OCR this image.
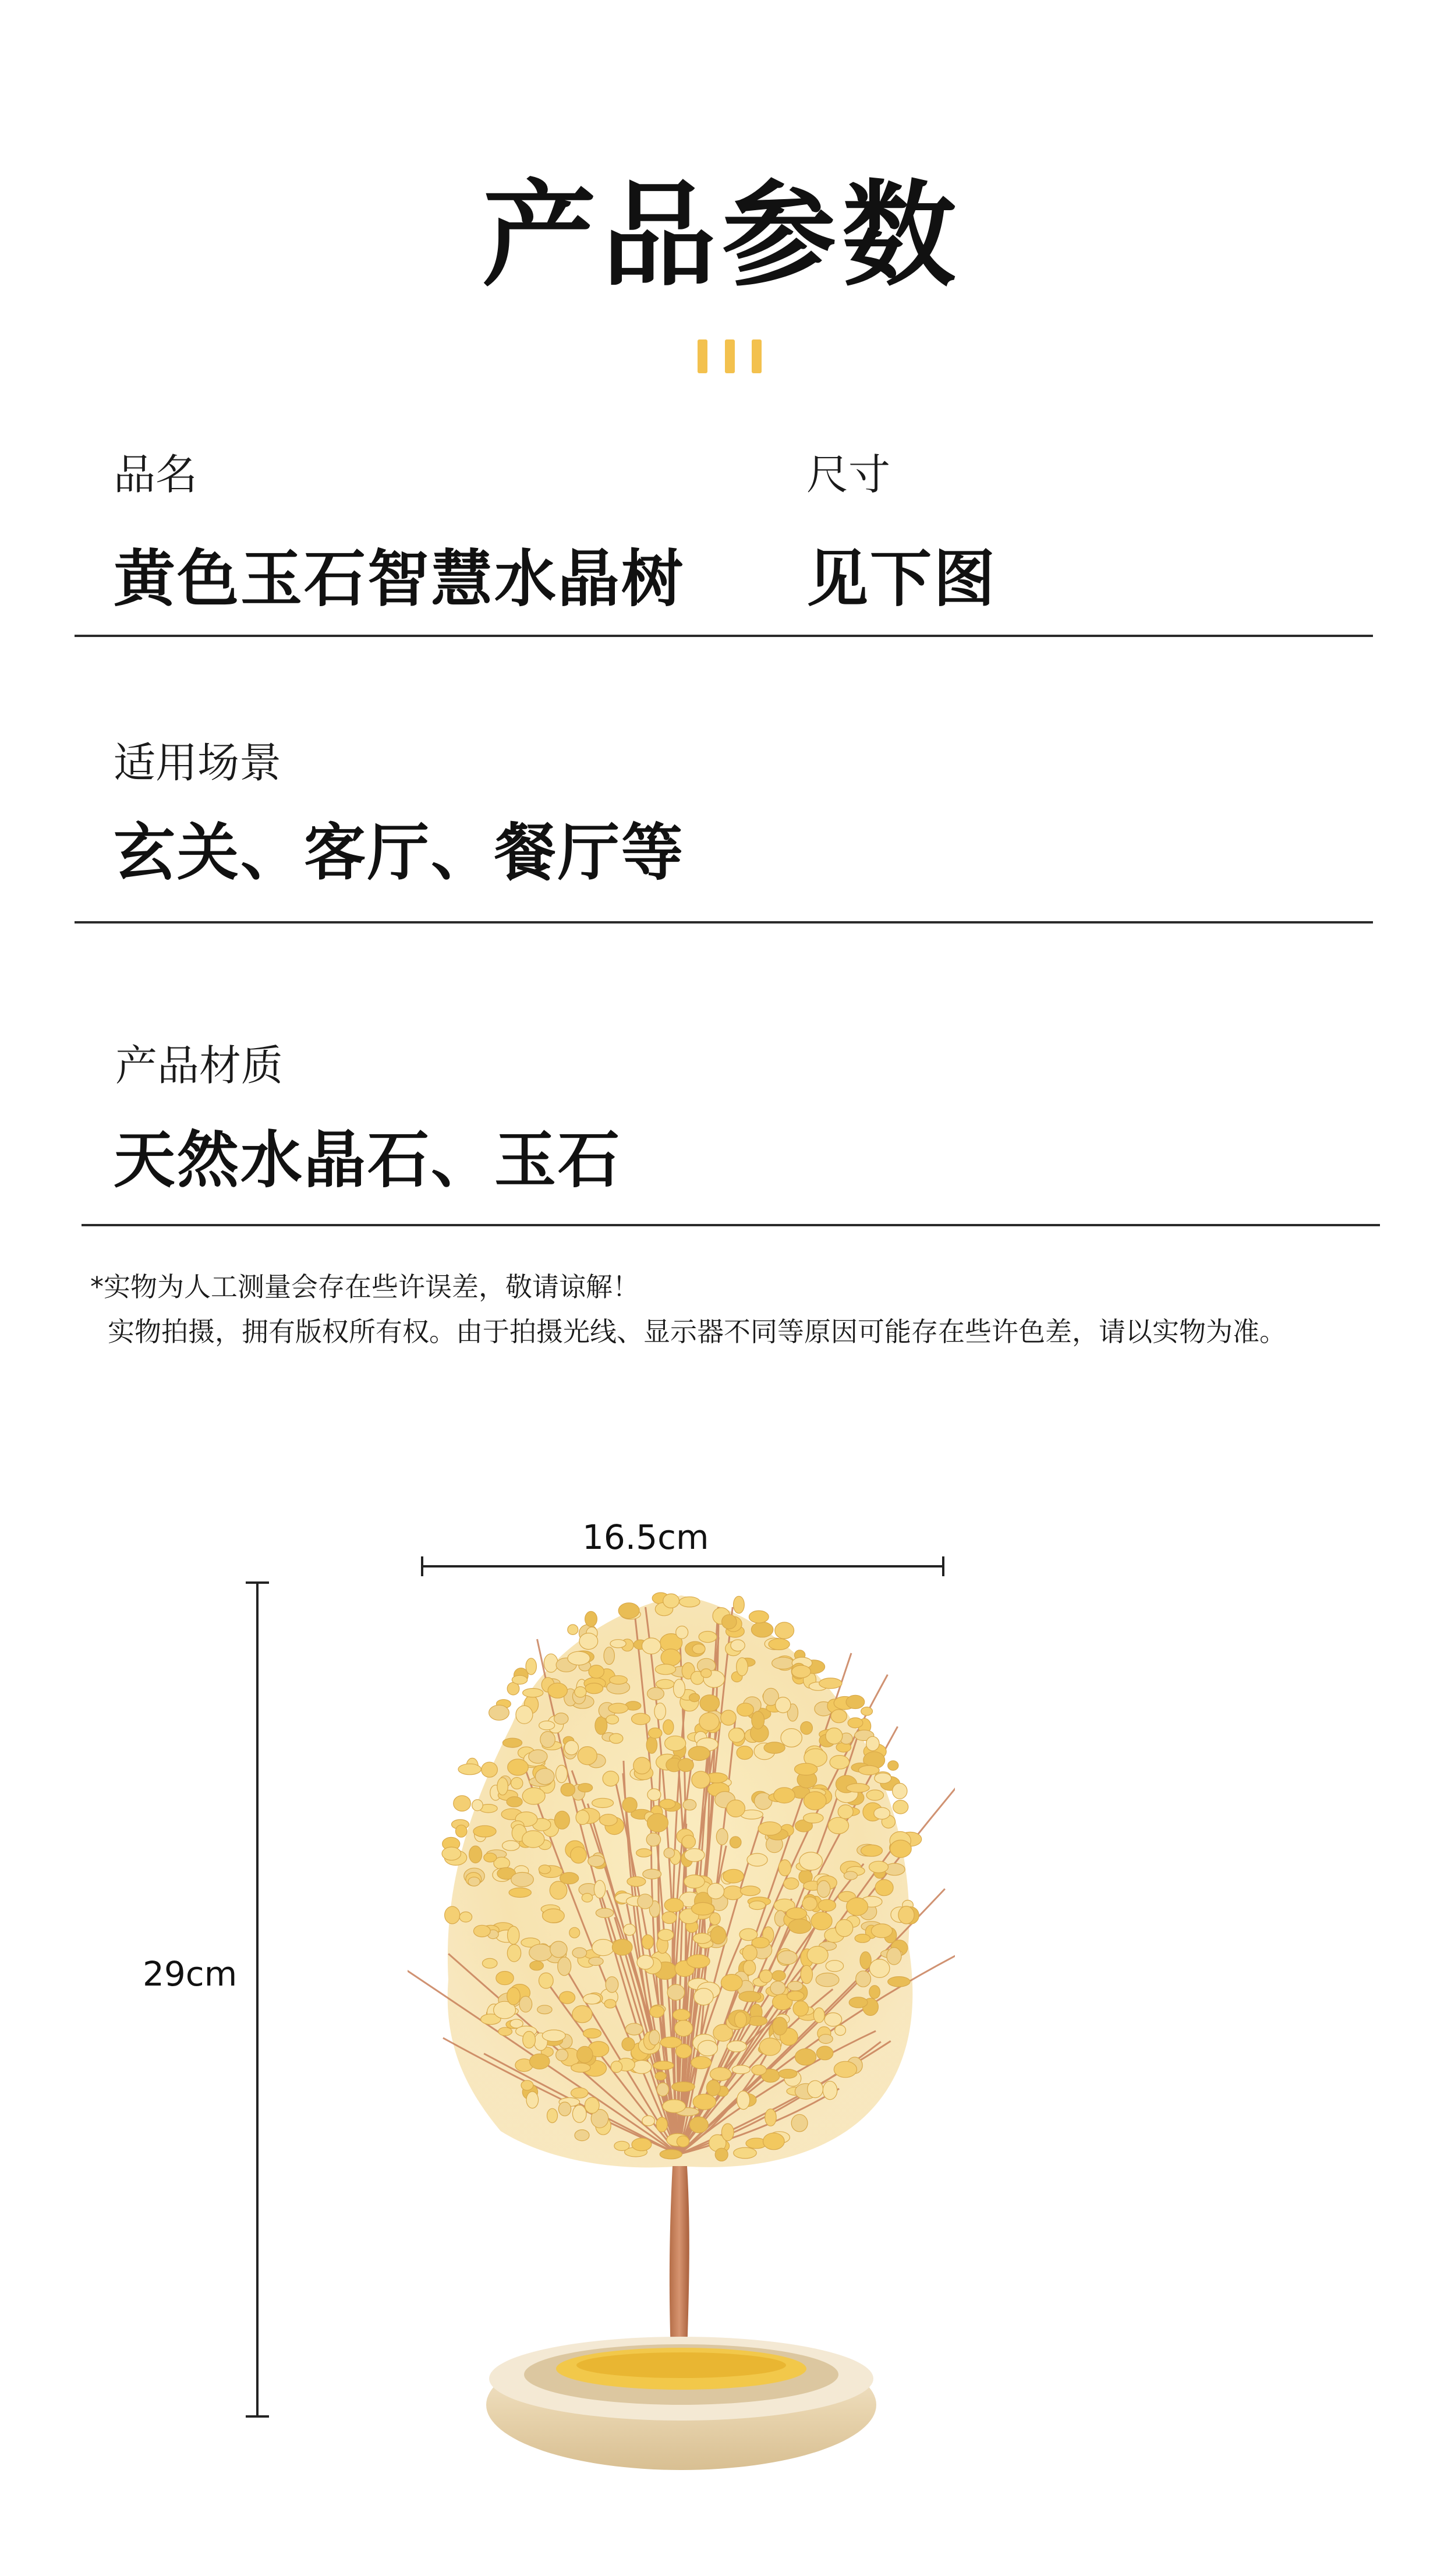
产品参数
品名
黄色玉石智慧水晶树
尺寸
见下图
适用场景
玄关、客厅、餐厅等
产品材质
天然水晶石、玉石
*实物为人工测量会存在些许误差，敬请谅解！
实物拍摄，拥有版权所有权。由于拍摄光线、显示器不同等原因可能存在些许色差，请以实物为准。
16.5cm
29cm
